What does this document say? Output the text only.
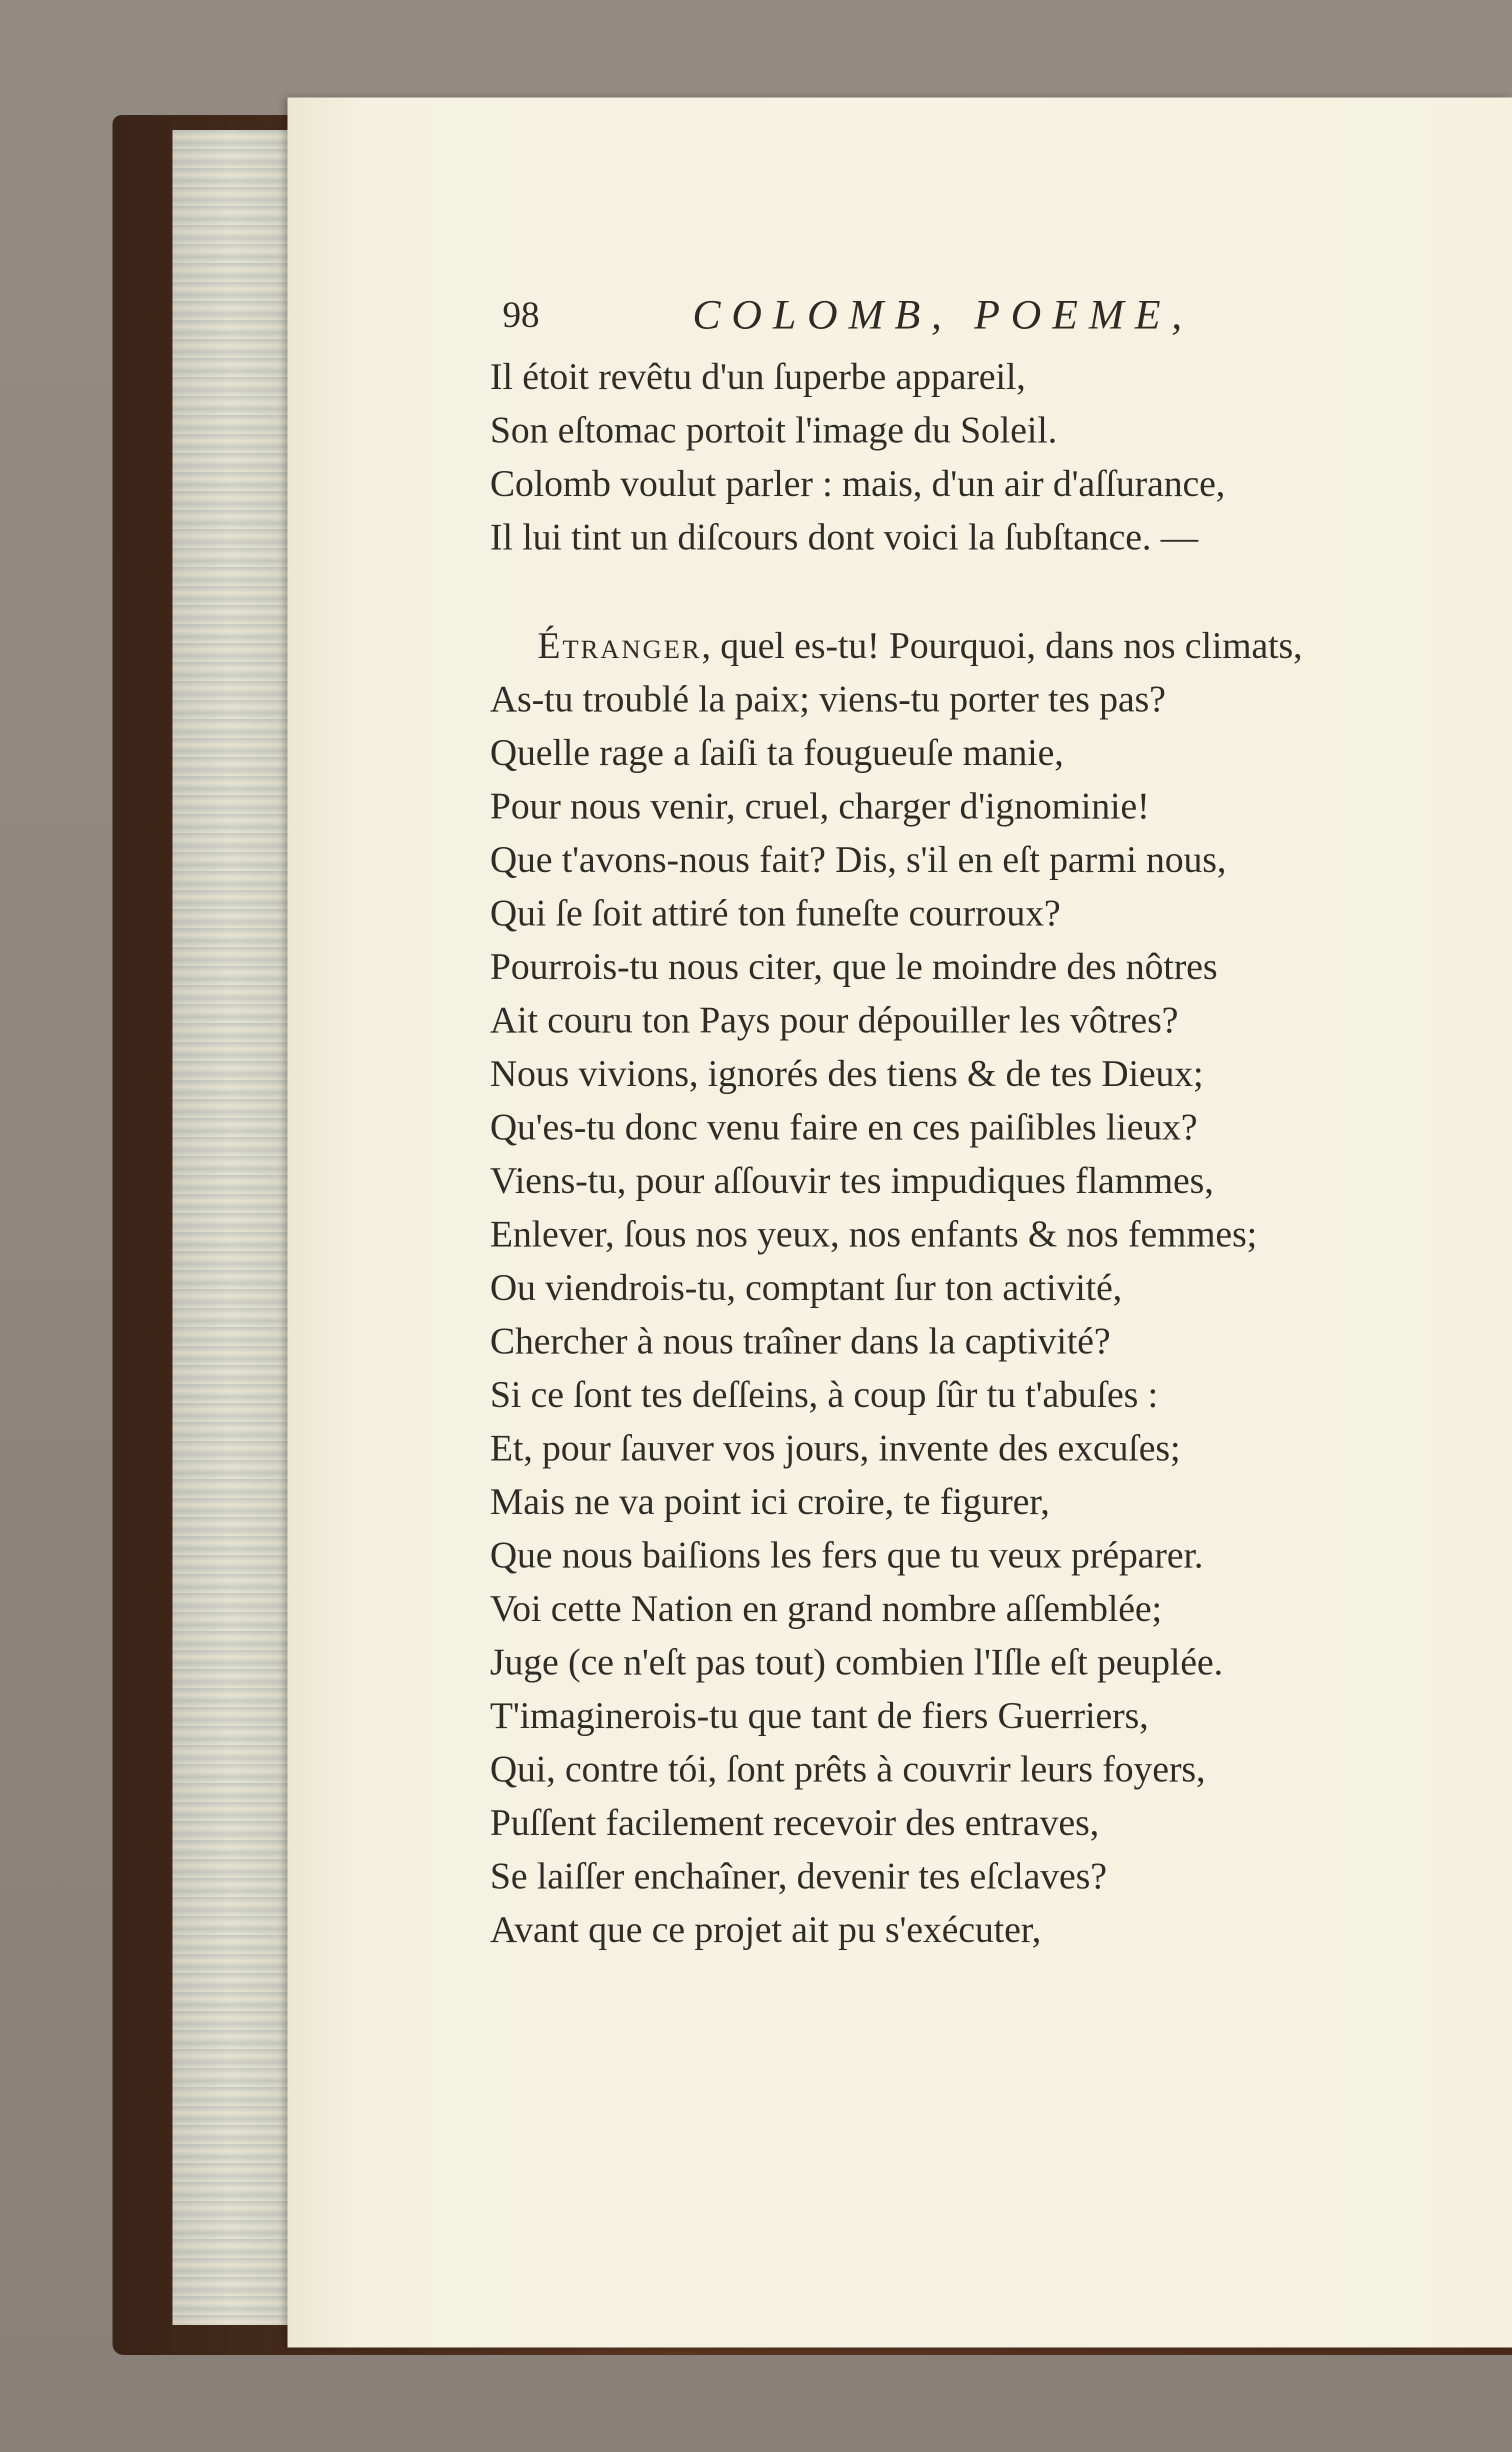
98	COLOMB, POEME,
Il étoit revêtu d'un ſuperbe appareil,
Son eſtomac portoit l'image du Soleil.
Colomb voulut parler : mais, d'un air d'aſſurance,
Il lui tint un diſcours dont voici la ſubſtance. —
Étranger, quel es-tu! Pourquoi, dans nos climats,
As-tu troublé la paix; viens-tu porter tes pas?
Quelle rage a ſaiſi ta fougueuſe manie,
Pour nous venir, cruel, charger d'ignominie!
Que t'avons-nous fait? Dis, s'il en eſt parmi nous,
Qui ſe ſoit attiré ton funeſte courroux?
Pourrois-tu nous citer, que le moindre des nôtres
Ait couru ton Pays pour dépouiller les vôtres?
Nous vivions, ignorés des tiens & de tes Dieux;
Qu'es-tu donc venu faire en ces paiſibles lieux?
Viens-tu, pour aſſouvir tes impudiques flammes,
Enlever, ſous nos yeux, nos enfants & nos femmes;
Ou viendrois-tu, comptant ſur ton activité,
Chercher à nous traîner dans la captivité?
Si ce ſont tes deſſeins, à coup ſûr tu t'abuſes :
Et, pour ſauver vos jours, invente des excuſes;
Mais ne va point ici croire, te figurer,
Que nous baiſions les fers que tu veux préparer.
Voi cette Nation en grand nombre aſſemblée;
Juge (ce n'eſt pas tout) combien l'Iſle eſt peuplée.
T'imaginerois-tu que tant de fiers Guerriers,
Qui, contre tói, ſont prêts à couvrir leurs foyers,
Puſſent facilement recevoir des entraves,
Se laiſſer enchaîner, devenir tes eſclaves?
Avant que ce projet ait pu s'exécuter,
